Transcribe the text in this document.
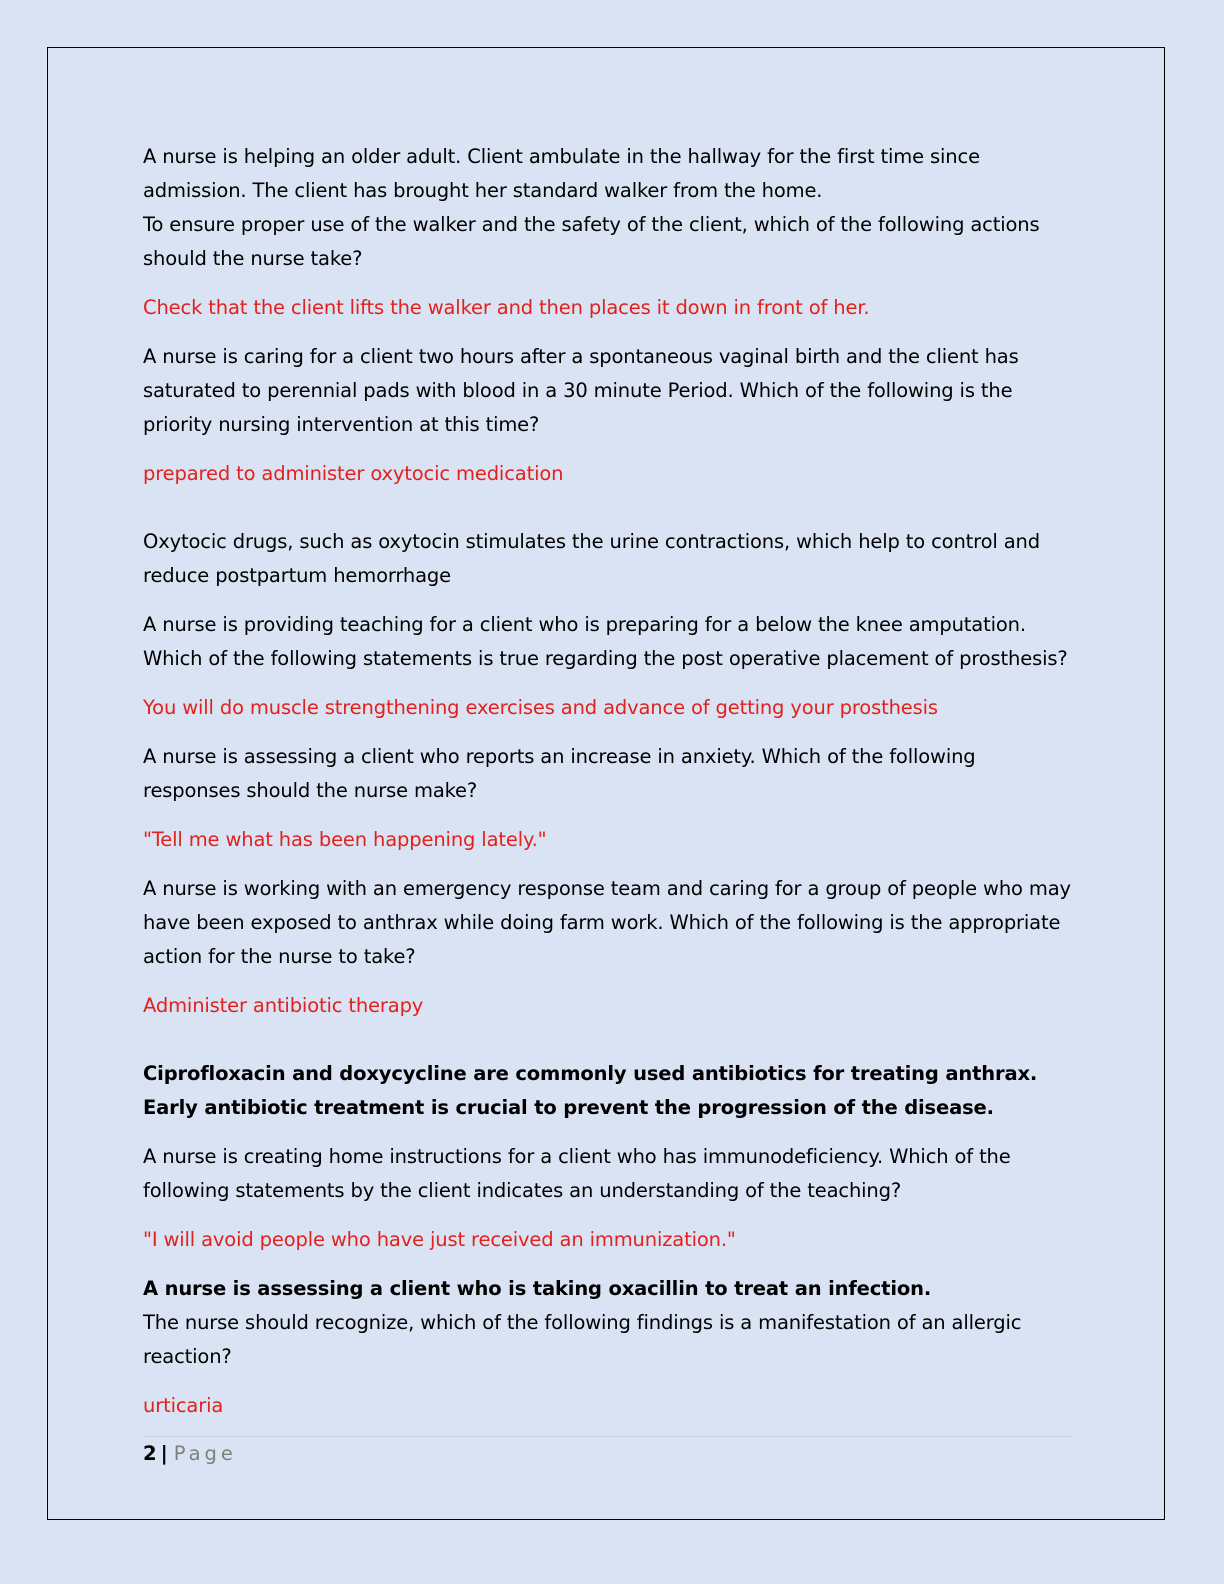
A nurse is helping an older adult. Client ambulate in the hallway for the first time since admission. The client has brought her standard walker from the home.
To ensure proper use of the walker and the safety of the client, which of the following actions should the nurse take?

Check that the client lifts the walker and then places it down in front of her.

A nurse is caring for a client two hours after a spontaneous vaginal birth and the client has saturated to perennial pads with blood in a 30 minute Period. Which of the following is the priority nursing intervention at this time?

prepared to administer oxytocic medication

Oxytocic drugs, such as oxytocin stimulates the urine contractions, which help to control and reduce postpartum hemorrhage

A nurse is providing teaching for a client who is preparing for a below the knee amputation.
Which of the following statements is true regarding the post operative placement of prosthesis?

You will do muscle strengthening exercises and advance of getting your prosthesis

A nurse is assessing a client who reports an increase in anxiety. Which of the following responses should the nurse make?

"Tell me what has been happening lately."

A nurse is working with an emergency response team and caring for a group of people who may have been exposed to anthrax while doing farm work. Which of the following is the appropriate action for the nurse to take?

Administer antibiotic therapy

Ciprofloxacin and doxycycline are commonly used antibiotics for treating anthrax. Early antibiotic treatment is crucial to prevent the progression of the disease.

A nurse is creating home instructions for a client who has immunodeficiency. Which of the following statements by the client indicates an understanding of the teaching?

"I will avoid people who have just received an immunization."

A nurse is assessing a client who is taking oxacillin to treat an infection.
The nurse should recognize, which of the following findings is a manifestation of an allergic reaction?

urticaria

2 | Page
